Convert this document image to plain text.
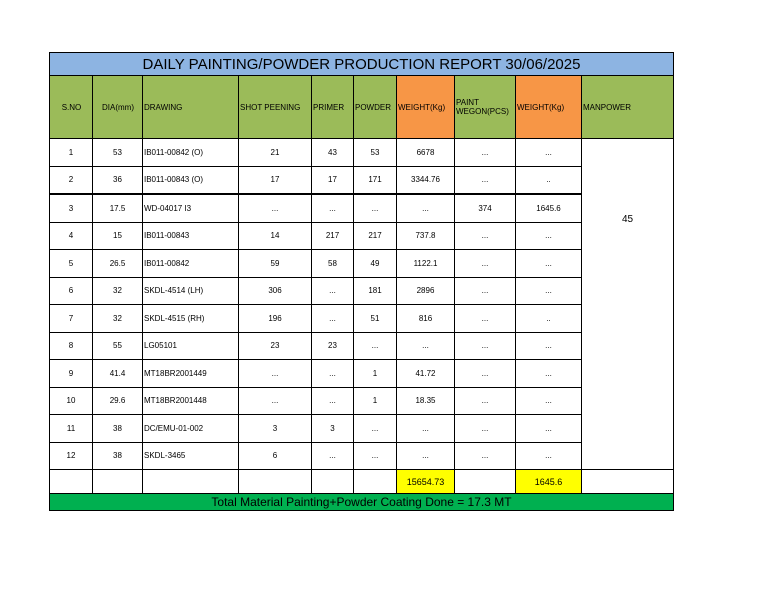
DAILY PAINTING/POWDER PRODUCTION REPORT 30/06/2025									
S.NO	DIA(mm)	DRAWING	SHOT PEENING	PRIMER	POWDER	WEIGHT(Kg)	PAINT WEGON(PCS)	WEIGHT(Kg)	MANPOWER
1	53	IB011-00842 (O)	21	43	53	6678	...	...	45
2	36	IB011-00843 (O)	17	17	171	3344.76	...	..	
3	17.5	WD-04017 I3	...	...	...	...	374	1645.6	
4	15	IB011-00843	14	217	217	737.8	...	...	
5	26.5	IB011-00842	59	58	49	1122.1	...	...	
6	32	SKDL-4514 (LH)	306	...	181	2896	...	...	
7	32	SKDL-4515 (RH)	196	...	51	816	...	..	
8	55	LG05101	23	23	...	...	...	...	
9	41.4	MT18BR2001449	...	...	1	41.72	...	...	
10	29.6	MT18BR2001448	...	...	1	18.35	...	...	
11	38	DC/EMU-01-002	3	3	...	...	...	...	
12	38	SKDL-3465	6	...	...	...	...	...	
						15654.73		1645.6	
Total Material Painting+Powder Coating Done = 17.3 MT									
